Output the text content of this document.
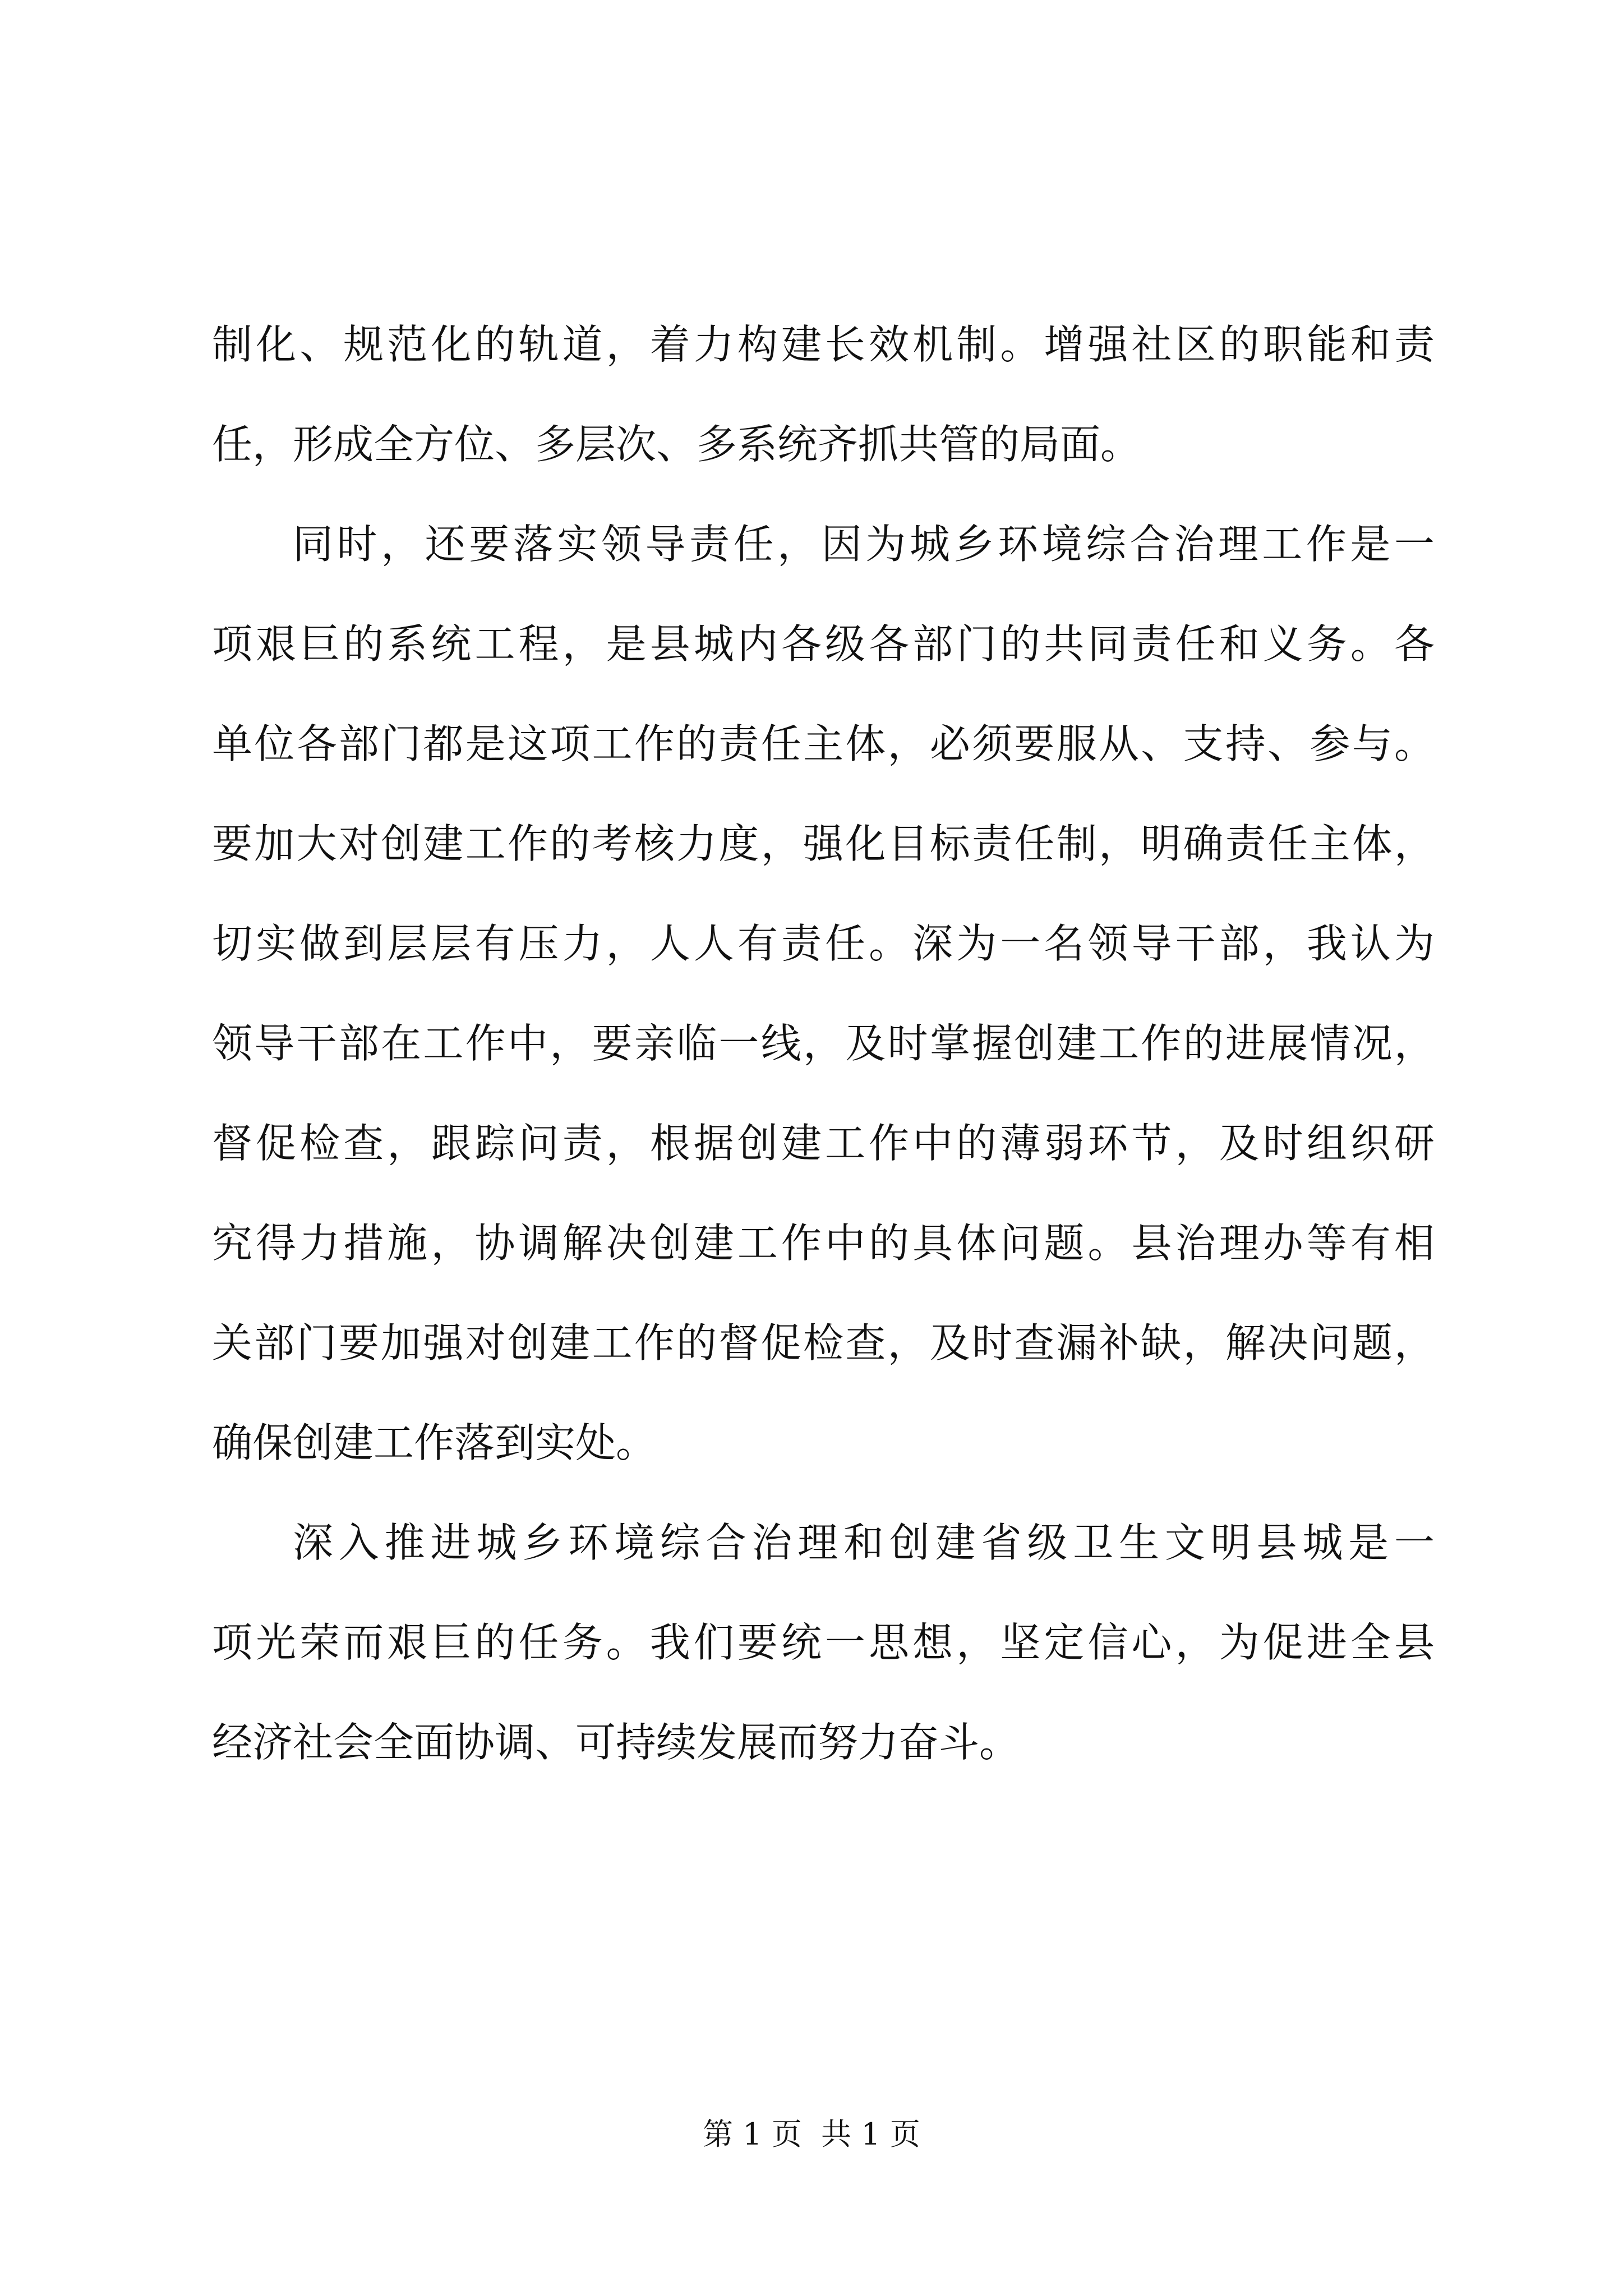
制化、规范化的轨道，着力构建长效机制。增强社区的职能和责
任，形成全方位、多层次、多系统齐抓共管的局面。
同时，还要落实领导责任，因为城乡环境综合治理工作是一
项艰巨的系统工程，是县城内各级各部门的共同责任和义务。各
单位各部门都是这项工作的责任主体，必须要服从、支持、参与。
要加大对创建工作的考核力度，强化目标责任制，明确责任主体，
切实做到层层有压力，人人有责任。深为一名领导干部，我认为
领导干部在工作中，要亲临一线，及时掌握创建工作的进展情况，
督促检查，跟踪问责，根据创建工作中的薄弱环节，及时组织研
究得力措施，协调解决创建工作中的具体问题。县治理办等有相
关部门要加强对创建工作的督促检查，及时查漏补缺，解决问题，
确保创建工作落到实处。
深入推进城乡环境综合治理和创建省级卫生文明县城是一
项光荣而艰巨的任务。我们要统一思想，坚定信心，为促进全县
经济社会全面协调、可持续发展而努力奋斗。
第 1 页  共 1 页
